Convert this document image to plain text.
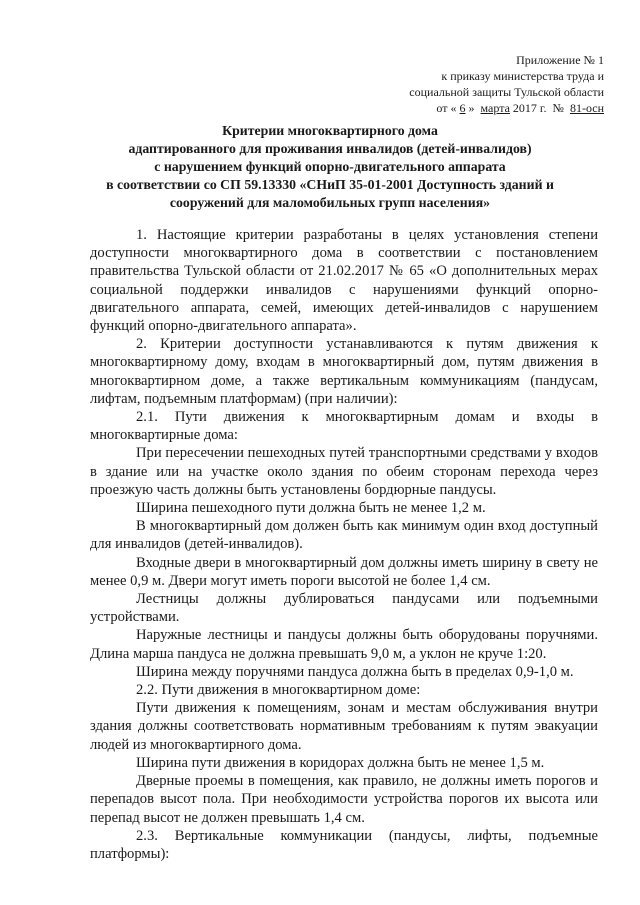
Приложение № 1
к приказу министерства труда и
социальной защиты Тульской области
от « 6 » марта 2017 г. № 81-осн
Критерии многоквартирного дома
адаптированного для проживания инвалидов (детей-инвалидов)
с нарушением функций опорно-двигательного аппарата
в соответствии со СП 59.13330 «СНиП 35-01-2001 Доступность зданий и
сооружений для маломобильных групп населения»

1. Настоящие критерии разработаны в целях установления степени доступности многоквартирного дома в соответствии с постановлением правительства Тульской области от 21.02.2017 № 65 «О дополнительных мерах социальной поддержки инвалидов с нарушениями функций опорно-двигательного аппарата, семей, имеющих детей-инвалидов с нарушением функций опорно-двигательного аппарата».

2. Критерии доступности устанавливаются к путям движения к многоквартирному дому, входам в многоквартирный дом, путям движения в многоквартирном доме, а также вертикальным коммуникациям (пандусам, лифтам, подъемным платформам) (при наличии):

2.1. Пути движения к многоквартирным домам и входы в многоквартирные дома:

При пересечении пешеходных путей транспортными средствами у входов в здание или на участке около здания по обеим сторонам перехода через проезжую часть должны быть установлены бордюрные пандусы.

Ширина пешеходного пути должна быть не менее 1,2 м.

В многоквартирный дом должен быть как минимум один вход доступный для инвалидов (детей-инвалидов).

Входные двери в многоквартирный дом должны иметь ширину в свету не менее 0,9 м. Двери могут иметь пороги высотой не более 1,4 см.

Лестницы должны дублироваться пандусами или подъемными устройствами.

Наружные лестницы и пандусы должны быть оборудованы поручнями. Длина марша пандуса не должна превышать 9,0 м, а уклон не круче 1:20.

Ширина между поручнями пандуса должна быть в пределах 0,9-1,0 м.

2.2. Пути движения в многоквартирном доме:

Пути движения к помещениям, зонам и местам обслуживания внутри здания должны соответствовать нормативным требованиям к путям эвакуации людей из многоквартирного дома.

Ширина пути движения в коридорах должна быть не менее 1,5 м.

Дверные проемы в помещения, как правило, не должны иметь порогов и перепадов высот пола. При необходимости устройства порогов их высота или перепад высот не должен превышать 1,4 см.

2.3. Вертикальные коммуникации (пандусы, лифты, подъемные платформы):
